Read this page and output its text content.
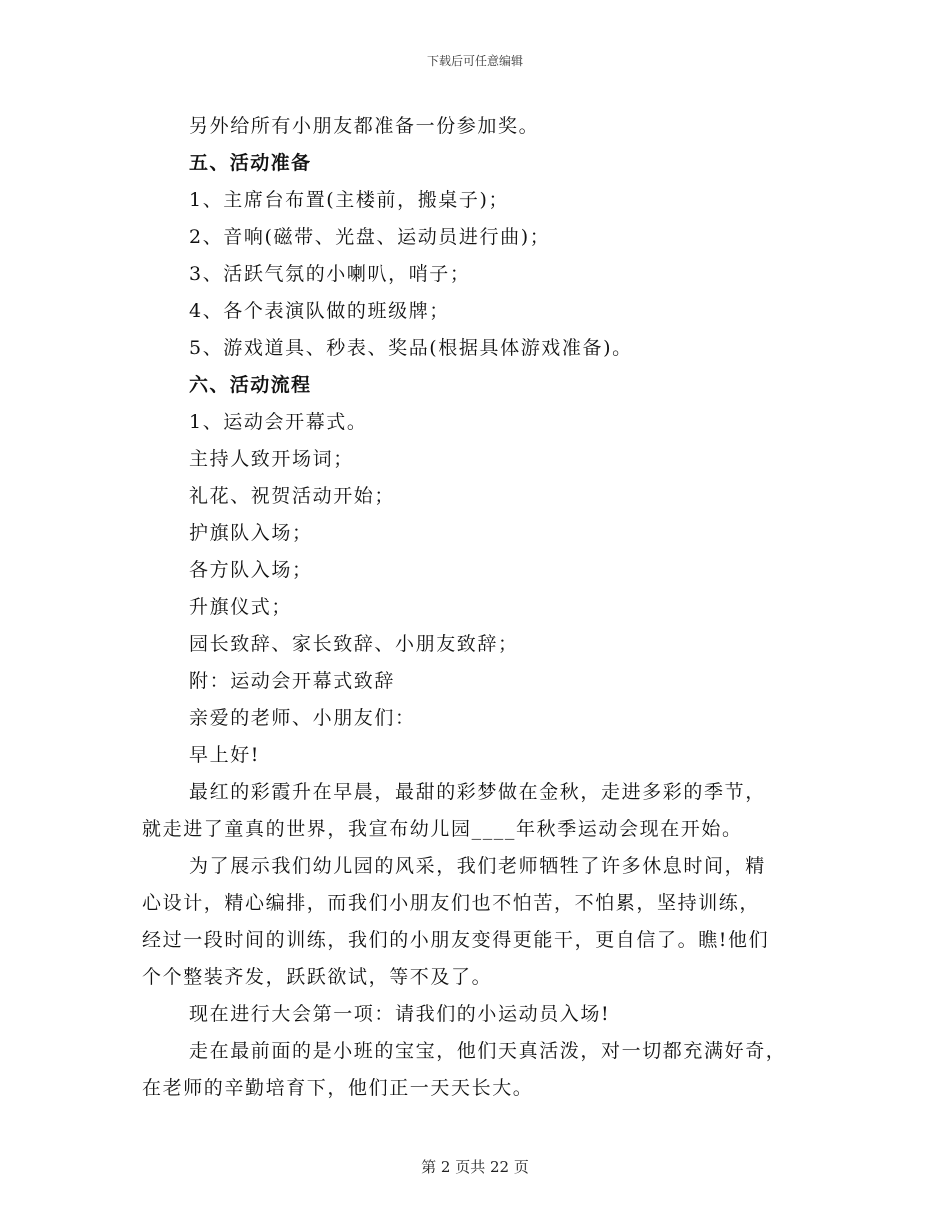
下载后可任意编辑

另外给所有小朋友都准备一份参加奖。

五、活动准备

1、主席台布置(主楼前，搬桌子)；

2、音响(磁带、光盘、运动员进行曲)；

3、活跃气氛的小喇叭，哨子；

4、各个表演队做的班级牌；

5、游戏道具、秒表、奖品(根据具体游戏准备)。

六、活动流程

1、运动会开幕式。

主持人致开场词；

礼花、祝贺活动开始；

护旗队入场；

各方队入场；

升旗仪式；

园长致辞、家长致辞、小朋友致辞；

附：运动会开幕式致辞

亲爱的老师、小朋友们：

早上好!

最红的彩霞升在早晨，最甜的彩梦做在金秋，走进多彩的季节，
就走进了童真的世界，我宣布幼儿园____年秋季运动会现在开始。
为了展示我们幼儿园的风采，我们老师牺牲了许多休息时间，精
心设计，精心编排，而我们小朋友们也不怕苦，不怕累，坚持训练，
经过一段时间的训练，我们的小朋友变得更能干，更自信了。瞧!他们
个个整装齐发，跃跃欲试，等不及了。
现在进行大会第一项：请我们的小运动员入场!
走在最前面的是小班的宝宝，他们天真活泼，对一切都充满好奇，
在老师的辛勤培育下，他们正一天天长大。
第 2 页共 22 页
